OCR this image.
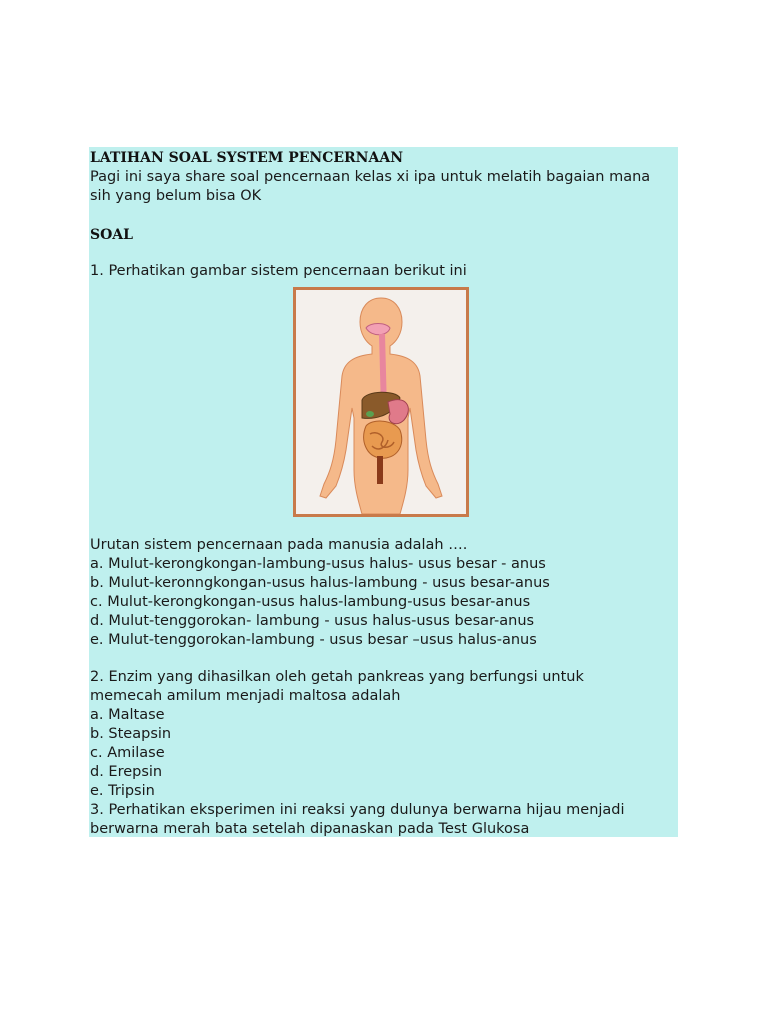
LATIHAN SOAL SYSTEM PENCERNAAN
Pagi ini saya share soal pencernaan kelas xi ipa untuk melatih bagaian mana
sih yang belum bisa OK
SOAL
1. Perhatikan gambar sistem pencernaan berikut ini
Urutan sistem pencernaan pada manusia adalah ….
a. Mulut-kerongkongan-lambung-usus halus- usus besar - anus
b. Mulut-keronngkongan-usus halus-lambung - usus besar-anus
c. Mulut-kerongkongan-usus halus-lambung-usus besar-anus
d. Mulut-tenggorokan- lambung - usus halus-usus besar-anus
e. Mulut-tenggorokan-lambung - usus besar –usus halus-anus
2. Enzim yang dihasilkan oleh getah pankreas yang berfungsi untuk
memecah amilum menjadi maltosa adalah
a. Maltase
b. Steapsin
c. Amilase
d. Erepsin
e. Tripsin
3. Perhatikan eksperimen ini reaksi yang dulunya berwarna hijau menjadi
berwarna merah bata setelah dipanaskan pada Test Glukosa
